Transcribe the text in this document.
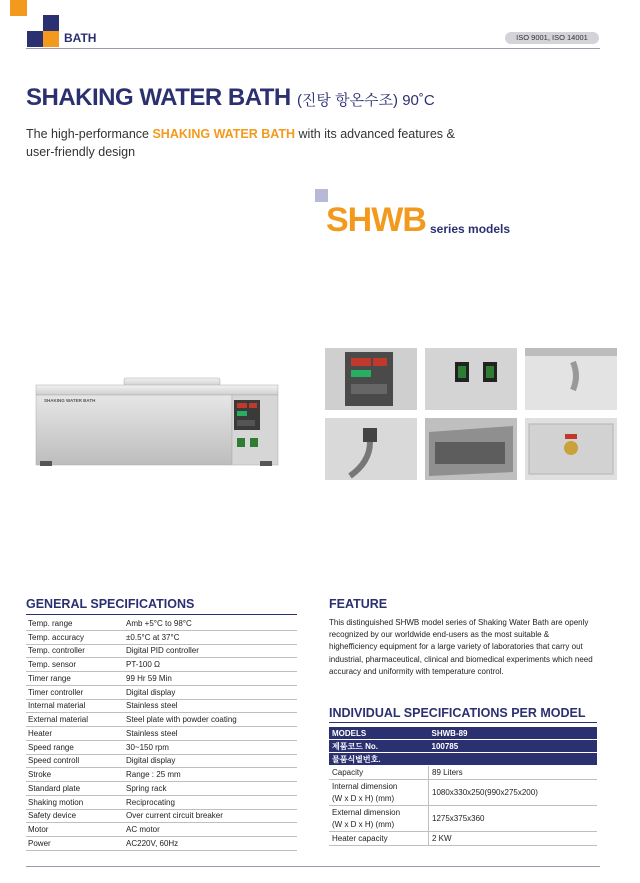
BATH	ISO 9001, ISO 14001
SHAKING WATER BATH (진탕 항온수조) 90˚C
The high-performance SHAKING WATER BATH with its advanced features & user-friendly design
SHWB series models
SHAKING WATER BATH
GENERAL SPECIFICATIONS
Temp. range	Amb +5°C to 98°C
Temp. accuracy	±0.5°C at 37°C
Temp. controller	Digital PID controller
Temp. sensor	PT-100 Ω
Timer range	99 Hr 59 Min
Timer controller	Digital display
Internal material	Stainless steel
External material	Steel plate with powder coating
Heater	Stainless steel
Speed range	30~150 rpm
Speed controll	Digital display
Stroke	Range : 25 mm
Standard plate	Spring rack
Shaking motion	Reciprocating
Safety device	Over current circuit breaker
Motor	AC motor
Power	AC220V, 60Hz
FEATURE
This distinguished SHWB model series of Shaking Water Bath are openly recognized by our worldwide end-users as the most suitable & highefficiency equipment for a large variety of laboratories that carry out industrial, pharmaceutical, clinical and biomedical experiments which need accuracy and uniformity with temperature control.
INDIVIDUAL SPECIFICATIONS PER MODEL
MODELS	SHWB-89
제품코드 No.	100785
물품식별번호.	
Capacity	89 Liters
Internal dimension
(W x D x H) (mm)	1080x330x250(990x275x200)
External dimension
(W x D x H) (mm)	1275x375x360
Heater capacity	2 KW
